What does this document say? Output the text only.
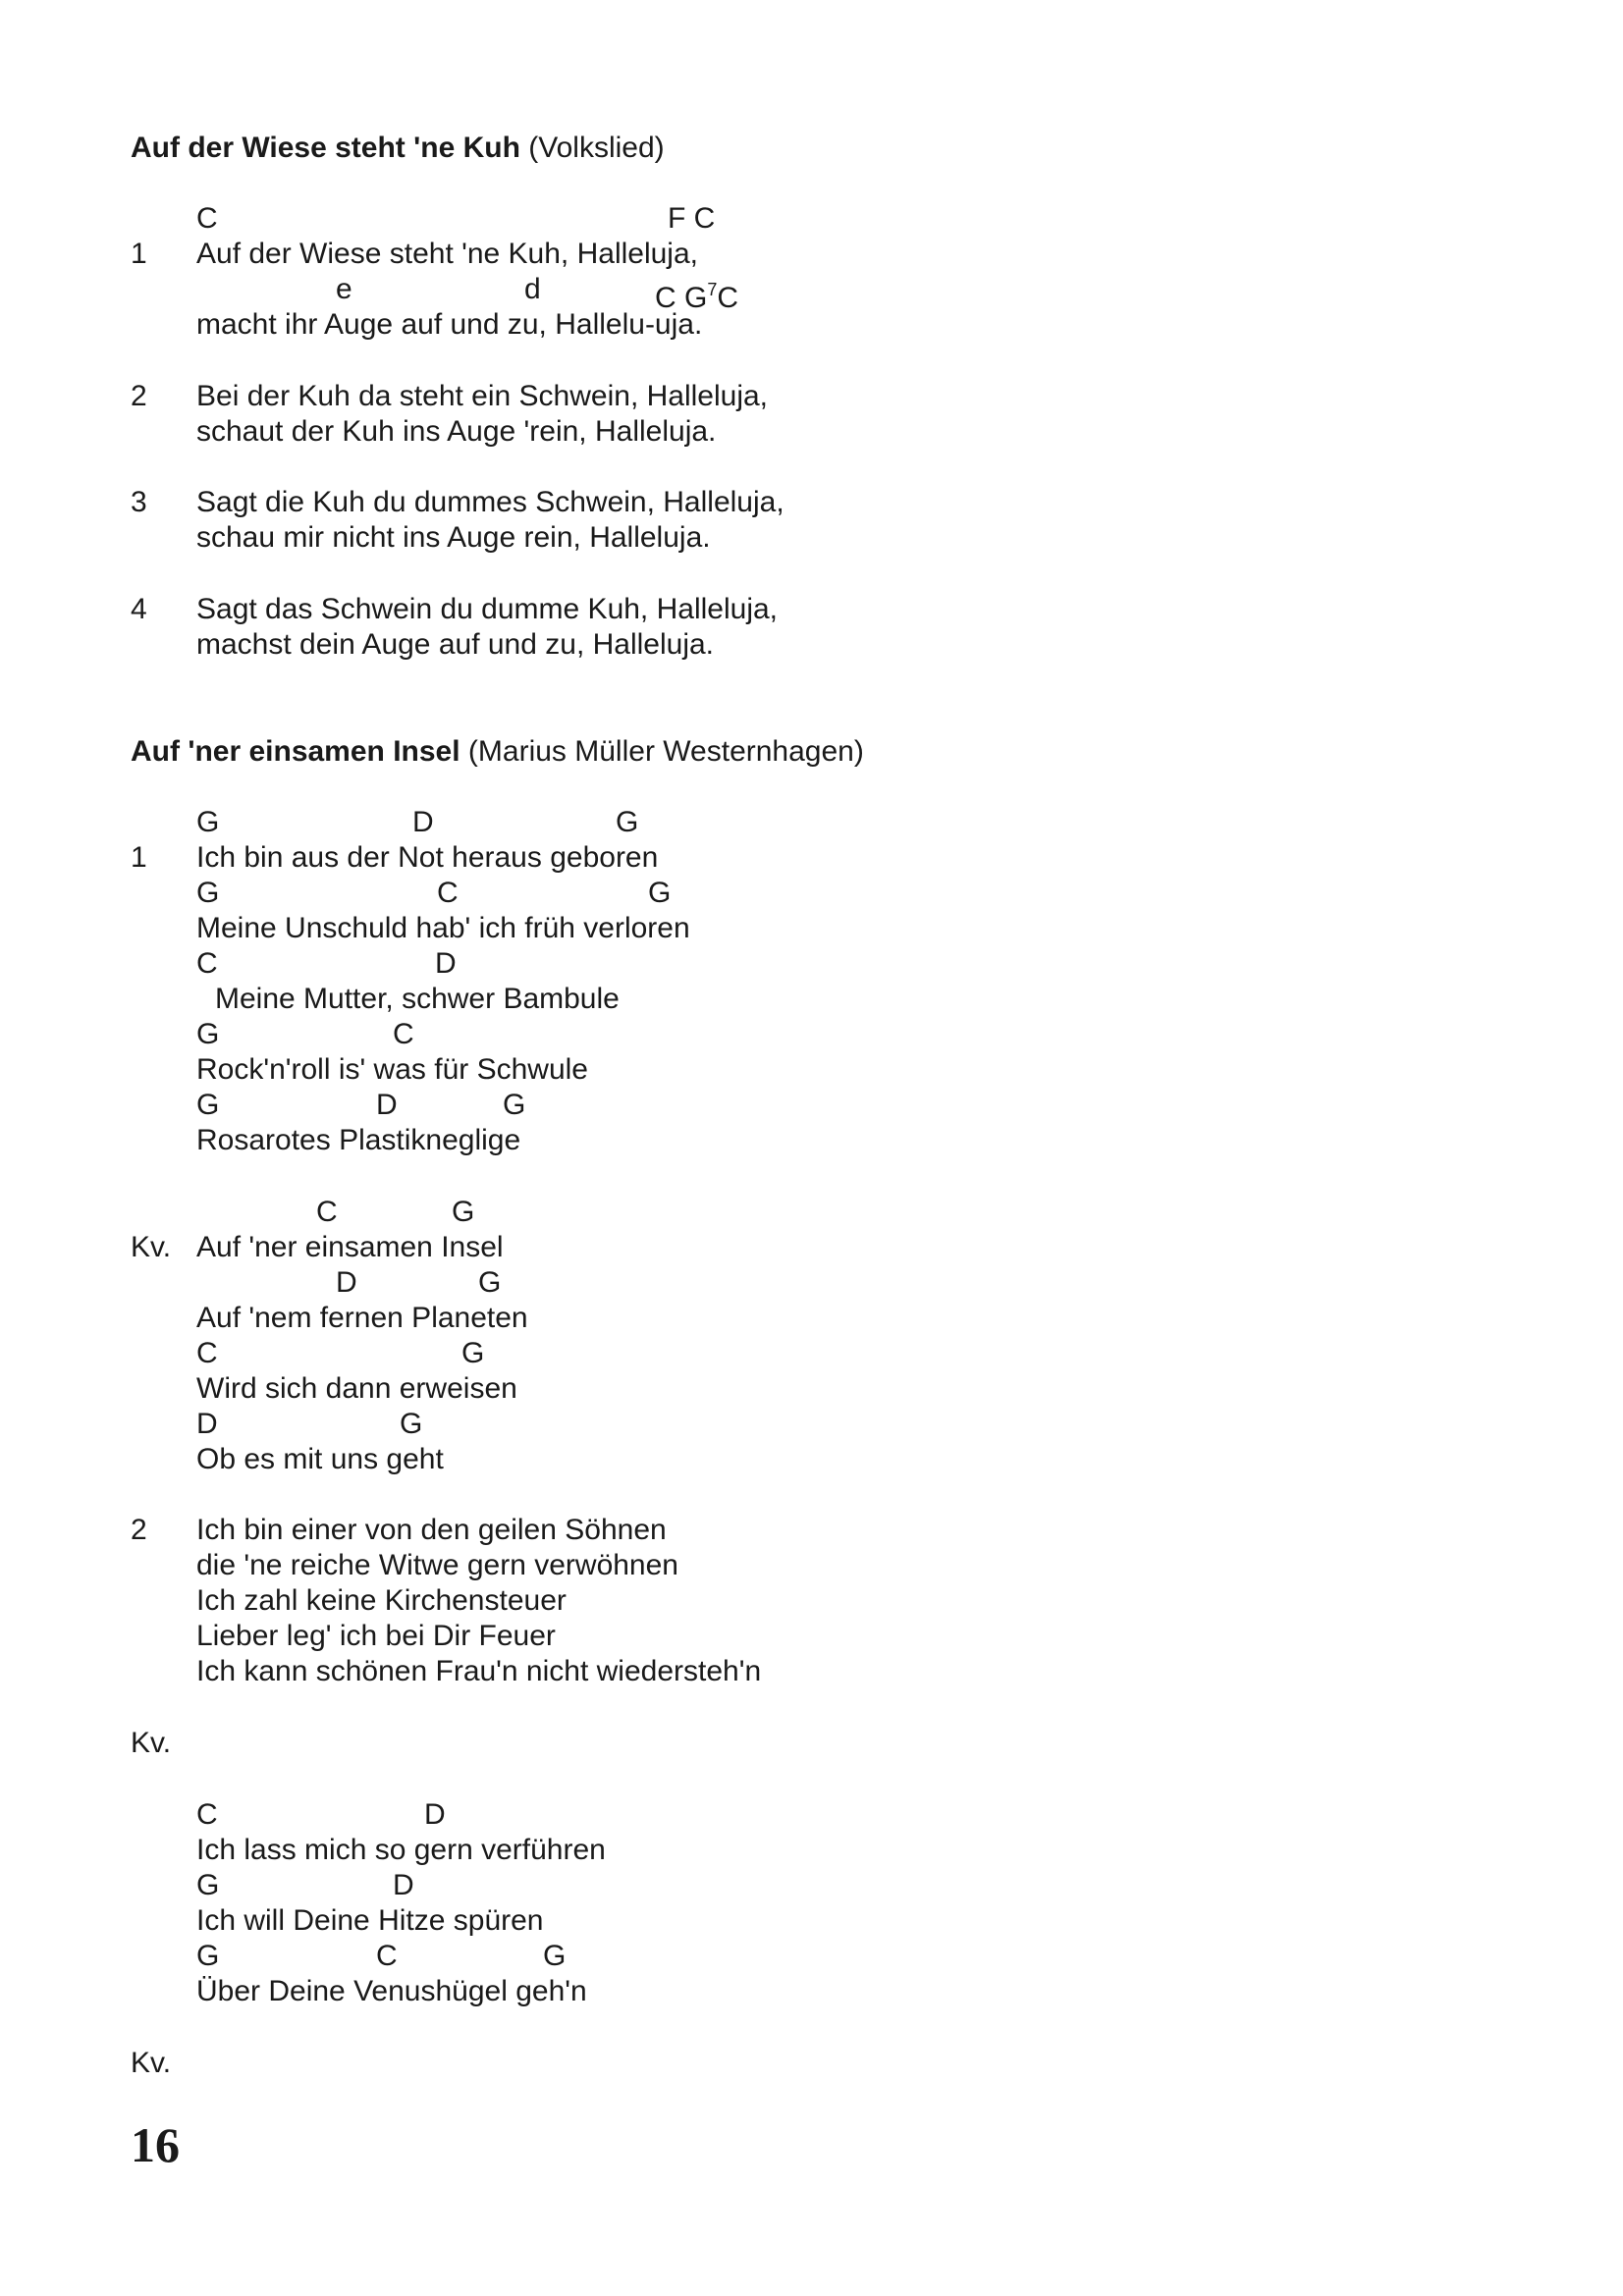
Auf der Wiese steht 'ne Kuh (Volkslied)
C	F C
1 Auf der Wiese steht 'ne Kuh, Halleluja,
e	d	C $G^7C$
macht ihr Auge auf und zu, Hallelu-uja.
2 Bei der Kuh da steht ein Schwein, Halleluja,
schaut der Kuh ins Auge 'rein, Halleluja.
3 Sagt die Kuh du dummes Schwein, Halleluja,
schau mir nicht ins Auge rein, Halleluja.
4 Sagt das Schwein du dumme Kuh, Halleluja,
machst dein Auge auf und zu, Halleluja.
Auf 'ner einsamen Insel (Marius Müller Westernhagen)
G	D	G
1 Ich bin aus der Not heraus geboren
G	C	G
Meine Unschuld hab' ich früh verloren
C	D
Meine Mutter, schwer Bambule
G	C
Rock'n'roll is' was für Schwule
G	D	G
Rosarotes Plastikneglige
C	G
Kv. Auf 'ner einsamen Insel
D	G
Auf 'nem fernen Planeten
C	G
Wird sich dann erweisen
D	G
Ob es mit uns geht
2 Ich bin einer von den geilen Söhnen
die 'ne reiche Witwe gern verwöhnen
Ich zahl keine Kirchensteuer
Lieber leg' ich bei Dir Feuer
Ich kann schönen Frau'n nicht wiedersteh'n
Kv.
C	D
Ich lass mich so gern verführen
G	D
Ich will Deine Hitze spüren
G	C	G
Über Deine Venushügel geh'n
Kv.
16
